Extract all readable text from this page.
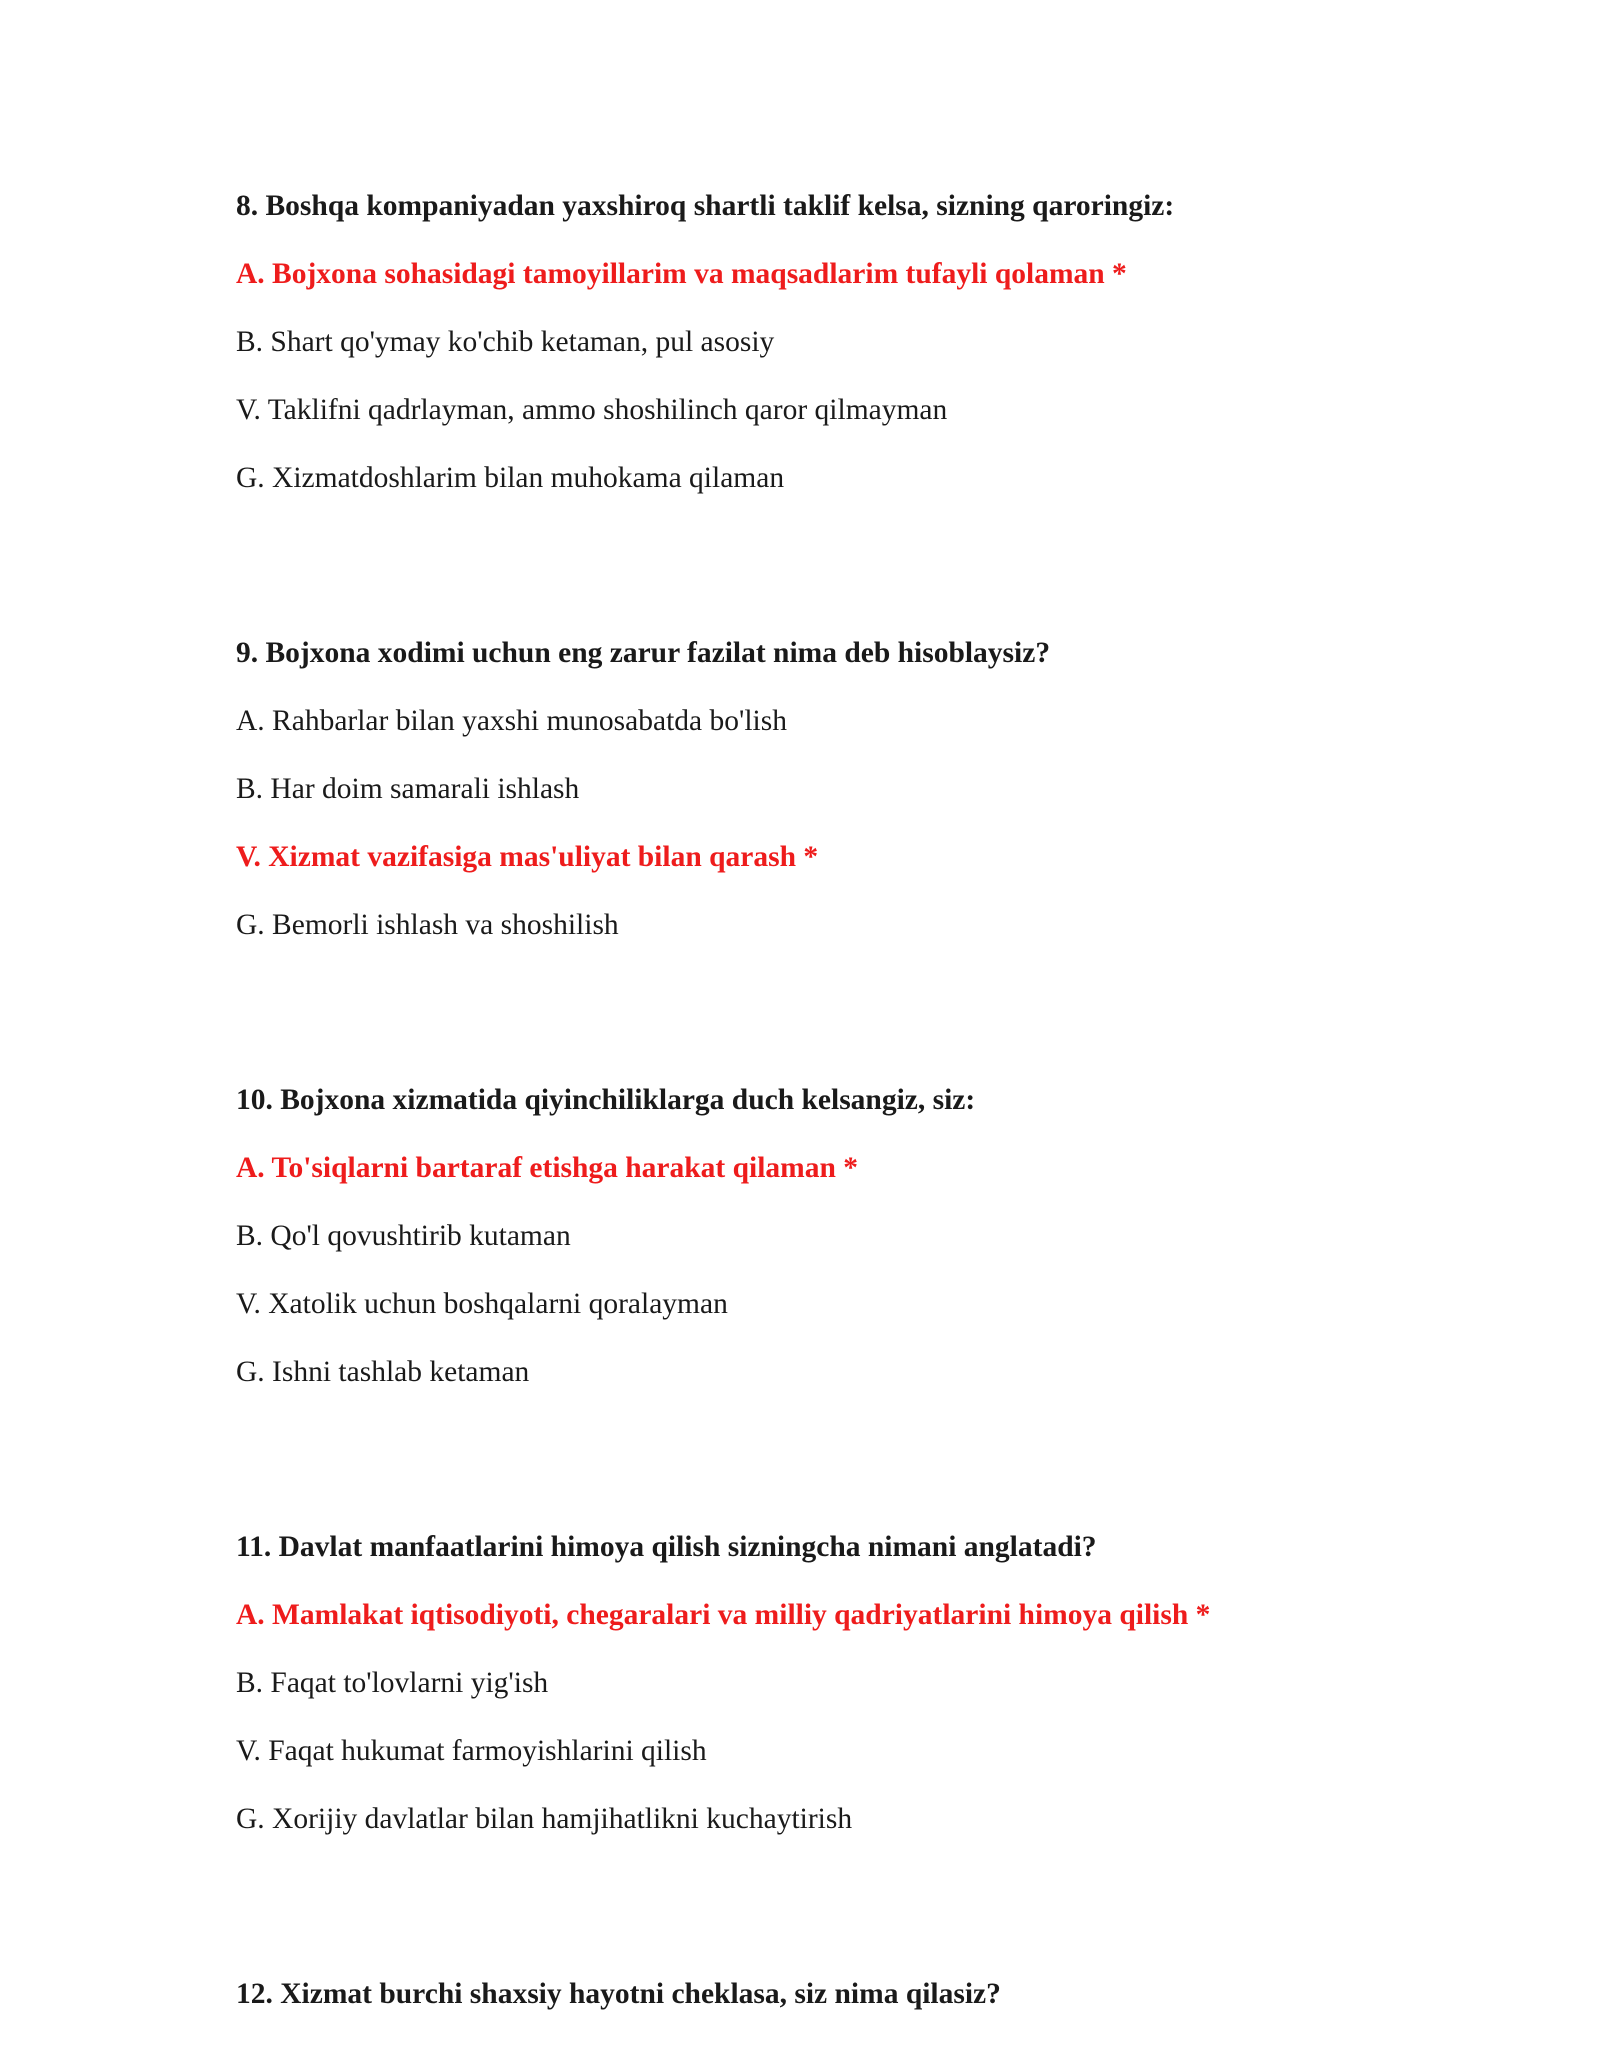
8. Boshqa kompaniyadan yaxshiroq shartli taklif kelsa, sizning qaroringiz:
A. Bojxona sohasidagi tamoyillarim va maqsadlarim tufayli qolaman *
B. Shart qo'ymay ko'chib ketaman, pul asosiy
V. Taklifni qadrlayman, ammo shoshilinch qaror qilmayman
G. Xizmatdoshlarim bilan muhokama qilaman
9. Bojxona xodimi uchun eng zarur fazilat nima deb hisoblaysiz?
A. Rahbarlar bilan yaxshi munosabatda bo'lish
B. Har doim samarali ishlash
V. Xizmat vazifasiga mas'uliyat bilan qarash *
G. Bemorli ishlash va shoshilish
10. Bojxona xizmatida qiyinchiliklarga duch kelsangiz, siz:
A. To'siqlarni bartaraf etishga harakat qilaman *
B. Qo'l qovushtirib kutaman
V. Xatolik uchun boshqalarni qoralayman
G. Ishni tashlab ketaman
11. Davlat manfaatlarini himoya qilish sizningcha nimani anglatadi?
A. Mamlakat iqtisodiyoti, chegaralari va milliy qadriyatlarini himoya qilish *
B. Faqat to'lovlarni yig'ish
V. Faqat hukumat farmoyishlarini qilish
G. Xorijiy davlatlar bilan hamjihatlikni kuchaytirish
12. Xizmat burchi shaxsiy hayotni cheklasa, siz nima qilasiz?
